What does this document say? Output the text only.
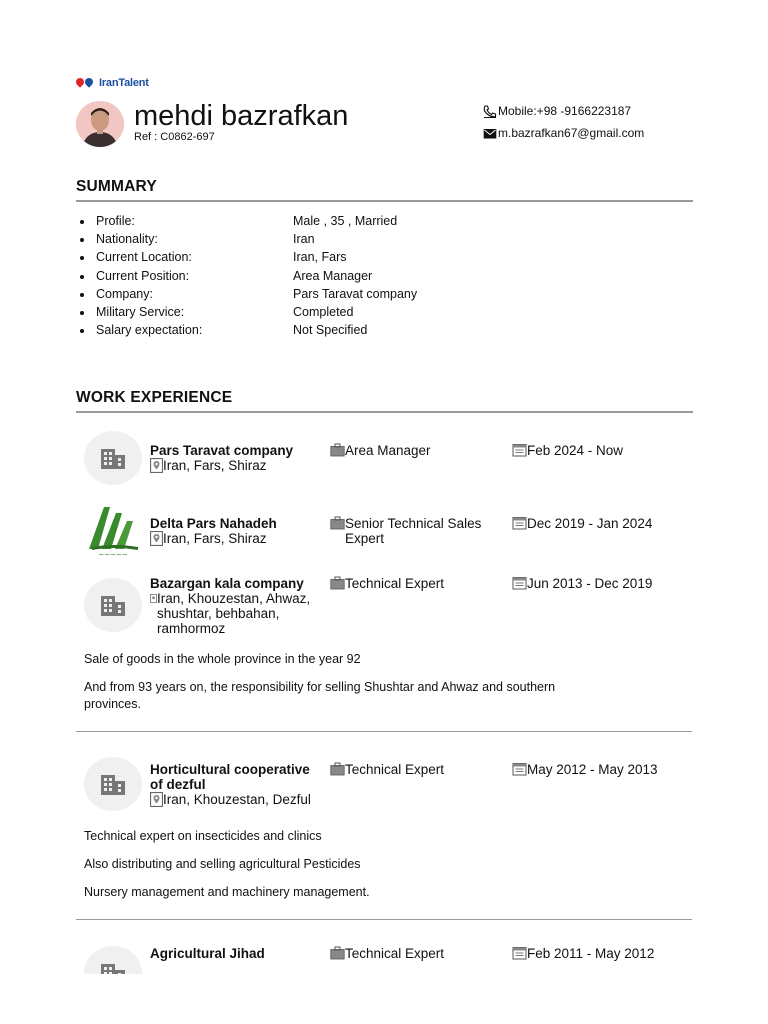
IranTalent
mehdi bazrafkan
Ref : C0862-697
Mobile:+98 -9166223187
m.bazrafkan67@gmail.com
SUMMARY
Profile:	Male , 35 , Married
Nationality:	Iran
Current Location:	Iran, Fars
Current Position:	Area Manager
Company:	Pars Taravat company
Military Service:	Completed
Salary expectation:	Not Specified
WORK EXPERIENCE
Pars Taravat company
Iran, Fars, Shiraz
Area Manager	Feb 2024 - Now
~~~~~
Delta Pars Nahadeh
Iran, Fars, Shiraz
Senior Technical Sales Expert
Dec 2019 - Jan 2024
Bazargan kala company
Iran, Khouzestan, Ahwaz, shushtar, behbahan, ramhormoz
Technical Expert	Jun 2013 - Dec 2019
Sale of goods in the whole province in the year 92
And from 93 years on, the responsibility for selling Shushtar and Ahwaz and southern provinces.
Horticultural cooperative of dezful
Iran, Khouzestan, Dezful
Technical Expert	May 2012 - May 2013
Technical expert on insecticides and clinics
Also distributing and selling agricultural Pesticides
Nursery management and machinery management.
Agricultural Jihad	Technical Expert	Feb 2011 - May 2012
